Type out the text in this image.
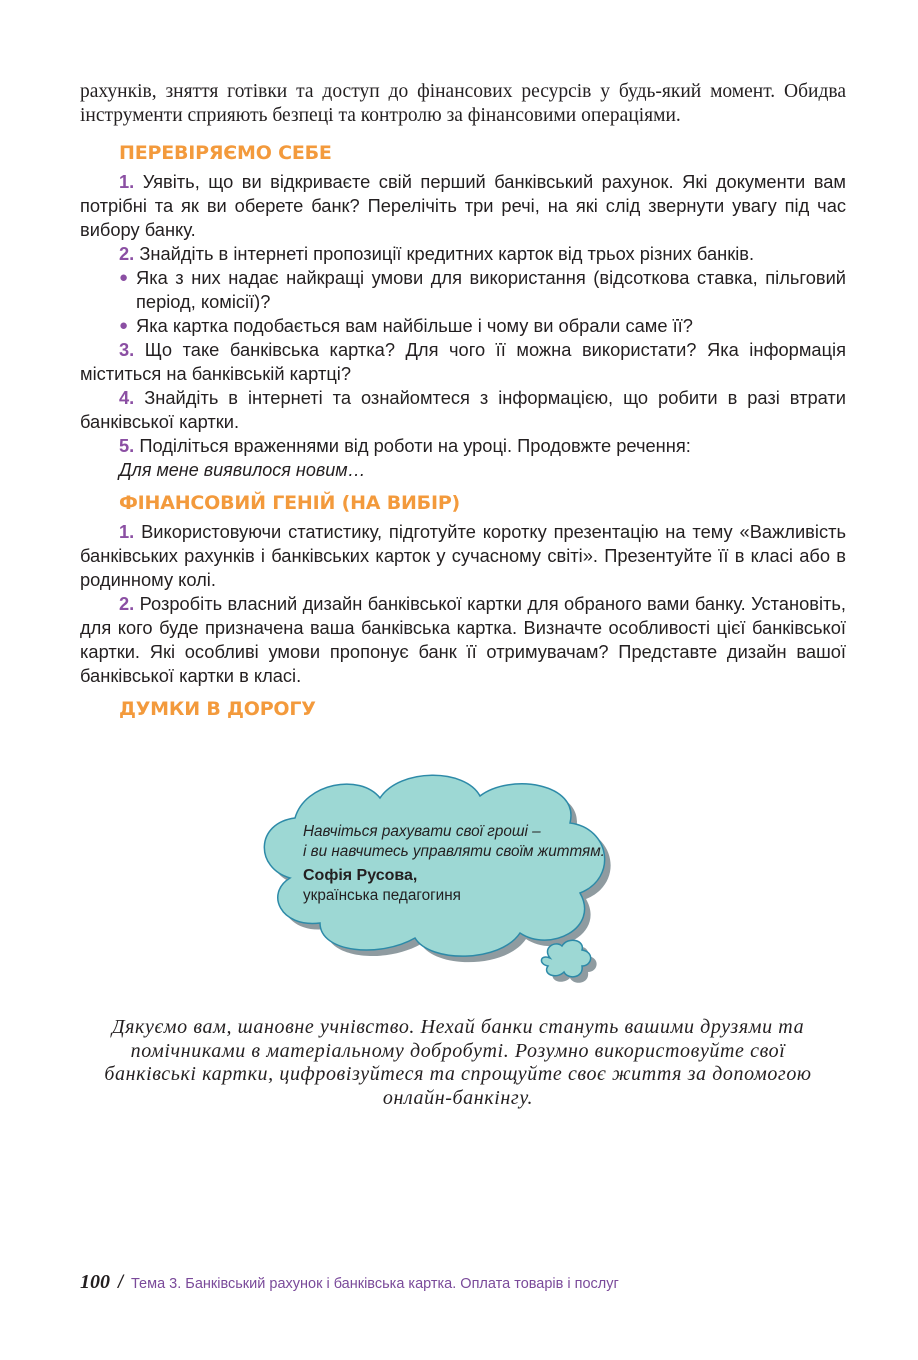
рахунків, зняття готівки та доступ до фінансових ресурсів у будь-який момент. Обидва інструменти сприяють безпеці та контролю за фінансовими операціями.

ПЕРЕВІРЯЄМО СЕБЕ

1. Уявіть, що ви відкриваєте свій перший банківський рахунок. Які документи вам потрібні та як ви оберете банк? Перелічіть три речі, на які слід звернути увагу під час вибору банку.

2. Знайдіть в інтернеті пропозиції кредитних карток від трьох різних банків.

● Яка з них надає найкращі умови для використання (відсоткова ставка, пільговий період, комісії)?

● Яка картка подобається вам найбільше і чому ви обрали саме її?

3. Що таке банківська картка? Для чого її можна використати? Яка інформація міститься на банківській картці?

4. Знайдіть в інтернеті та ознайомтеся з інформацією, що робити в разі втрати банківської картки.

5. Поділіться враженнями від роботи на уроці. Продовжте речення:

Для мене виявилося новим…

ФІНАНСОВИЙ ГЕНІЙ (НА ВИБІР)

1. Використовуючи статистику, підготуйте коротку презентацію на тему «Важливість банківських рахунків і банківських карток у сучасному світі». Презентуйте її в класі або в родинному колі.

2. Розробіть власний дизайн банківської картки для обраного вами банку. Установіть, для кого буде призначена ваша банківська картка. Визначте особливості цієї банківської картки. Які особливі умови пропонує банк її отримувачам? Представте дизайн вашої банківської картки в класі.

ДУМКИ В ДОРОГУ

Навчіться рахувати свої гроші –

і ви навчитесь управляти своїм життям.

Софія Русова,

українська педагогиня

Дякуємо вам, шановне учнівство. Нехай банки стануть вашими друзями та помічниками в матеріальному добробуті. Розумно використовуйте свої банківські картки, цифровізуйтеся та спрощуйте своє життя за допомогою онлайн-банкінгу.
100 / Тема 3. Банківський рахунок і банківська картка. Оплата товарів і послуг
